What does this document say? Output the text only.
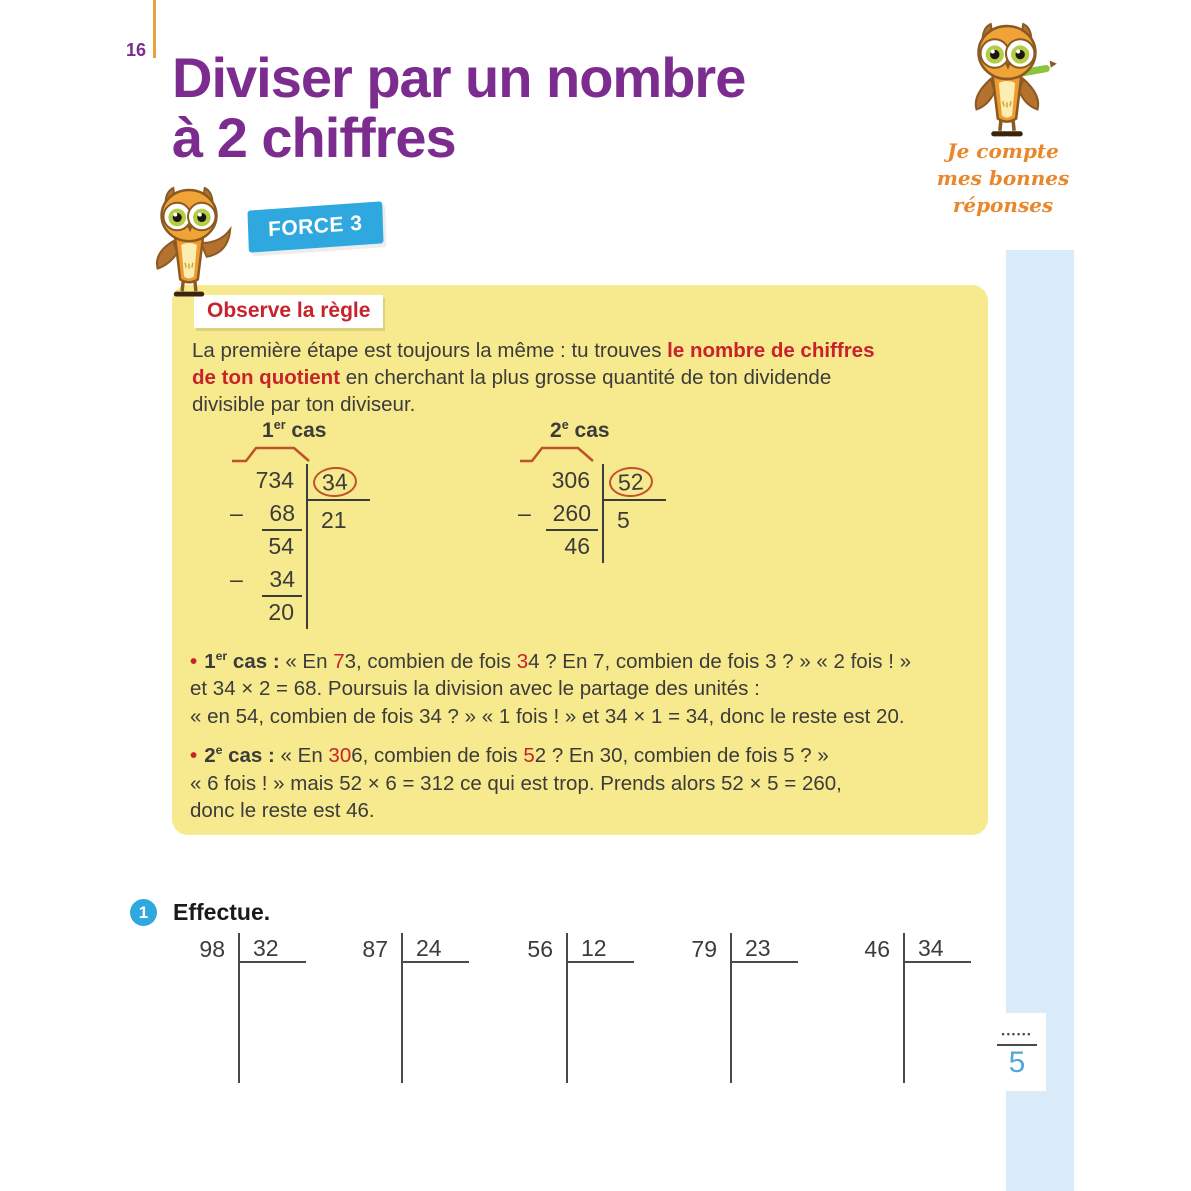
16 Diviser par un nombre
à 2 chiffres	Je compte
mes bonnes
réponses
FORCE 3
Observe la règle
La première étape est toujours la même : tu trouves le nombre de chiffres
de ton quotient en cherchant la plus grosse quantité de ton dividende
divisible par ton diviseur.
1er cas
734
– 68
54
– 34
20
34
21
2e cas
306
– 260
46
52
5
• 1er cas : « En 73, combien de fois 34 ? En 7, combien de fois 3 ? » « 2 fois ! »
et 34 × 2 = 68. Poursuis la division avec le partage des unités :
« en 54, combien de fois 34 ? » « 1 fois ! » et 34 × 1 = 34, donc le reste est 20.
• 2e cas : « En 306, combien de fois 52 ? En 30, combien de fois 5 ? »
« 6 fois ! » mais 52 × 6 = 312 ce qui est trop. Prends alors 52 × 5 = 260,
donc le reste est 46.
1	Effectue.
98	32	87	24	56	12	79	23	46	34
••••••
5
